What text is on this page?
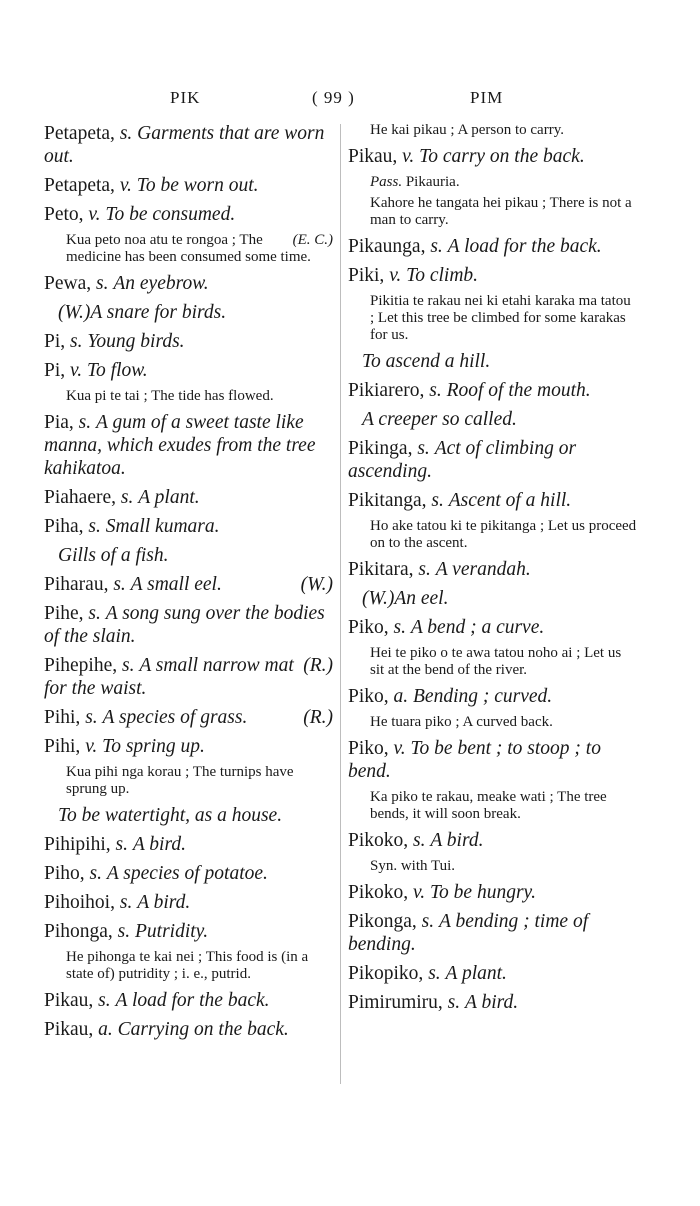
PIK	( 99 )	PIM
Petapeta, s. Garments that are worn out.
Petapeta, v. To be worn out.
Peto, v. To be consumed.
(E. C.)
Kua peto noa atu te rongoa ; The medicine has been consumed some time.
Pewa, s. An eyebrow.
(W.)A snare for birds.
Pi, s. Young birds.
Pi, v. To flow.
Kua pi te tai ; The tide has flowed.
Pia, s. A gum of a sweet taste like manna, which exudes from the tree kahikatoa.
Piahaere, s. A plant.
Piha, s. Small kumara.
Gills of a fish.
(W.)
Piharau, s. A small eel.
Pihe, s. A song sung over the bodies of the slain.
(R.)
Pihepihe, s. A small narrow mat for the waist.
(R.)
Pihi, s. A species of grass.
Pihi, v. To spring up.
Kua pihi nga korau ; The turnips have sprung up.
To be watertight, as a house.
Pihipihi, s. A bird.
Piho, s. A species of potatoe.
Pihoihoi, s. A bird.
Pihonga, s. Putridity.
He pihonga te kai nei ; This food is (in a state of) putridity ; i. e., putrid.
Pikau, s. A load for the back.
Pikau, a. Carrying on the back.
He kai pikau ; A person to carry.
Pikau, v. To carry on the back.
Pass. Pikauria.
Kahore he tangata hei pikau ; There is not a man to carry.
Pikaunga, s. A load for the back.
Piki, v. To climb.
Pikitia te rakau nei ki etahi karaka ma tatou ; Let this tree be climbed for some karakas for us.
To ascend a hill.
Pikiarero, s. Roof of the mouth.
A creeper so called.
Pikinga, s. Act of climbing or ascending.
Pikitanga, s. Ascent of a hill.
Ho ake tatou ki te pikitanga ; Let us proceed on to the ascent.
Pikitara, s. A verandah.
(W.)An eel.
Piko, s. A bend ; a curve.
Hei te piko o te awa tatou noho ai ; Let us sit at the bend of the river.
Piko, a. Bending ; curved.
He tuara piko ; A curved back.
Piko, v. To be bent ; to stoop ; to bend.
Ka piko te rakau, meake wati ; The tree bends, it will soon break.
Pikoko, s. A bird.
Syn. with Tui.
Pikoko, v. To be hungry.
Pikonga, s. A bending ; time of bending.
Pikopiko, s. A plant.
Pimirumiru, s. A bird.
